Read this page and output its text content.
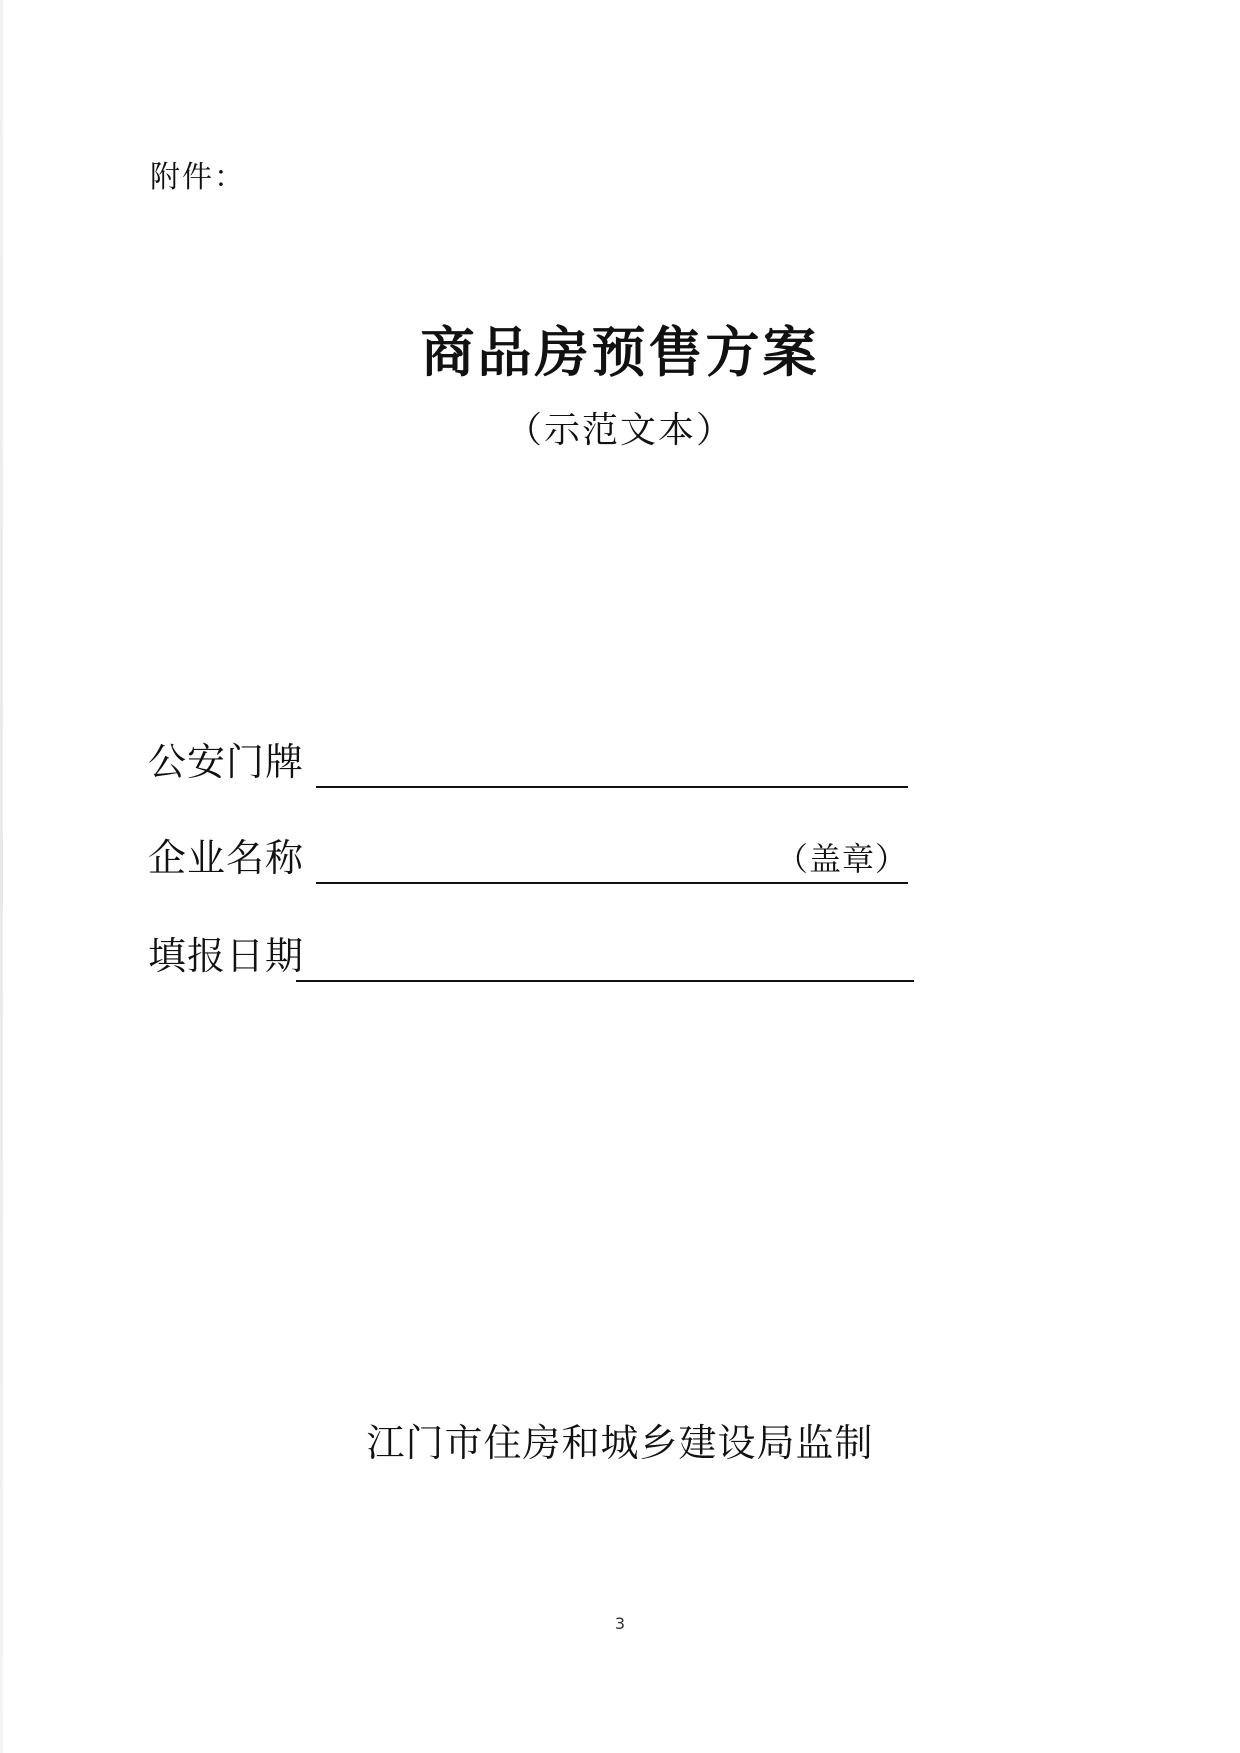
附件：
商品房预售方案
（示范文本）
公安门牌
企业名称	（盖章）
填报日期
江门市住房和城乡建设局监制
3
